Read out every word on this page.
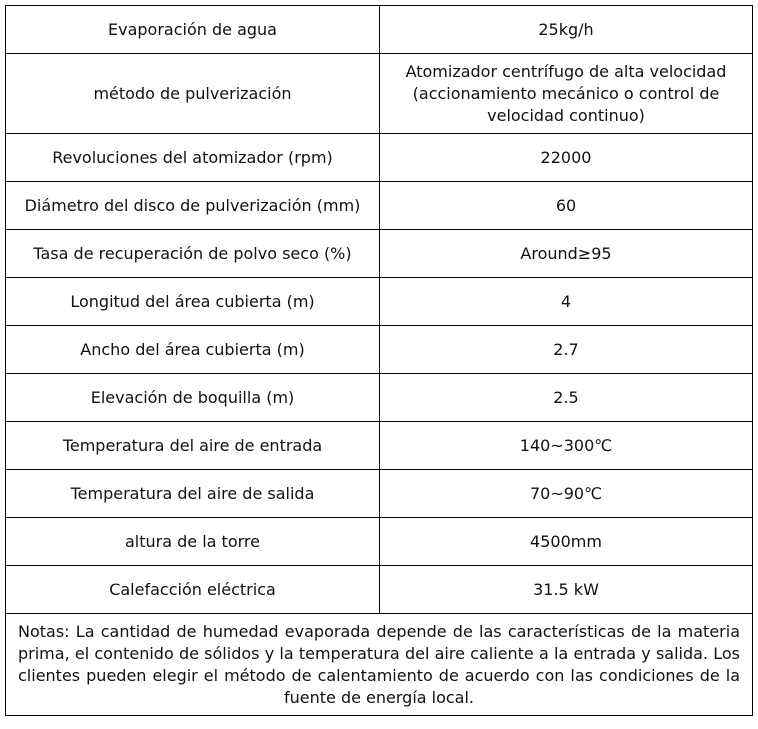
Evaporación de agua	25kg/h
método de pulverización	Atomizador centrífugo de alta velocidad (accionamiento mecánico o control de velocidad continuo)
Revoluciones del atomizador (rpm)	22000
Diámetro del disco de pulverización (mm)	60
Tasa de recuperación de polvo seco (%)	Around≥95
Longitud del área cubierta (m)	4
Ancho del área cubierta (m)	2.7
Elevación de boquilla (m)	2.5
Temperatura del aire de entrada	140~300℃
Temperatura del aire de salida	70~90℃
altura de la torre	4500mm
Calefacción eléctrica	31.5 kW
Notas: La cantidad de humedad evaporada depende de las características de la materia prima, el contenido de sólidos y la temperatura del aire caliente a la entrada y salida. Los clientes pueden elegir el método de calentamiento de acuerdo con las condiciones de la fuente de energía local.	
